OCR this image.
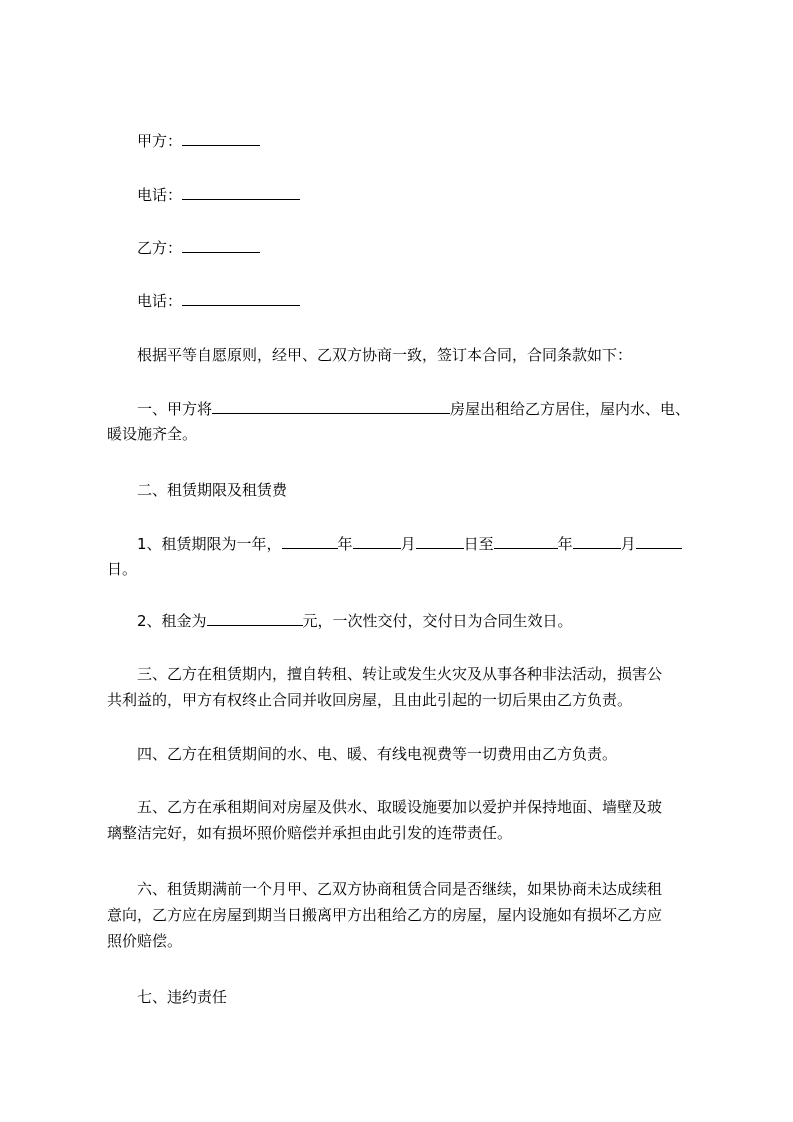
甲方：
电话：
乙方：
电话：
根据平等自愿原则，经甲、乙双方协商一致，签订本合同，合同条款如下：
一、甲方将	房屋出租给乙方居住，屋内水、电、
暖设施齐全。
二、租赁期限及租赁费
1、租赁期限为一年，	年	月	日至	年	月
日。
2、租金为	元，一次性交付，交付日为合同生效日。
三、乙方在租赁期内，擅自转租、转让或发生火灾及从事各种非法活动，损害公
共利益的，甲方有权终止合同并收回房屋，且由此引起的一切后果由乙方负责。
四、乙方在租赁期间的水、电、暖、有线电视费等一切费用由乙方负责。
五、乙方在承租期间对房屋及供水、取暖设施要加以爱护并保持地面、墙壁及玻
璃整洁完好，如有损坏照价赔偿并承担由此引发的连带责任。
六、租赁期满前一个月甲、乙双方协商租赁合同是否继续，如果协商未达成续租
意向，乙方应在房屋到期当日搬离甲方出租给乙方的房屋，屋内设施如有损坏乙方应
照价赔偿。
七、违约责任
